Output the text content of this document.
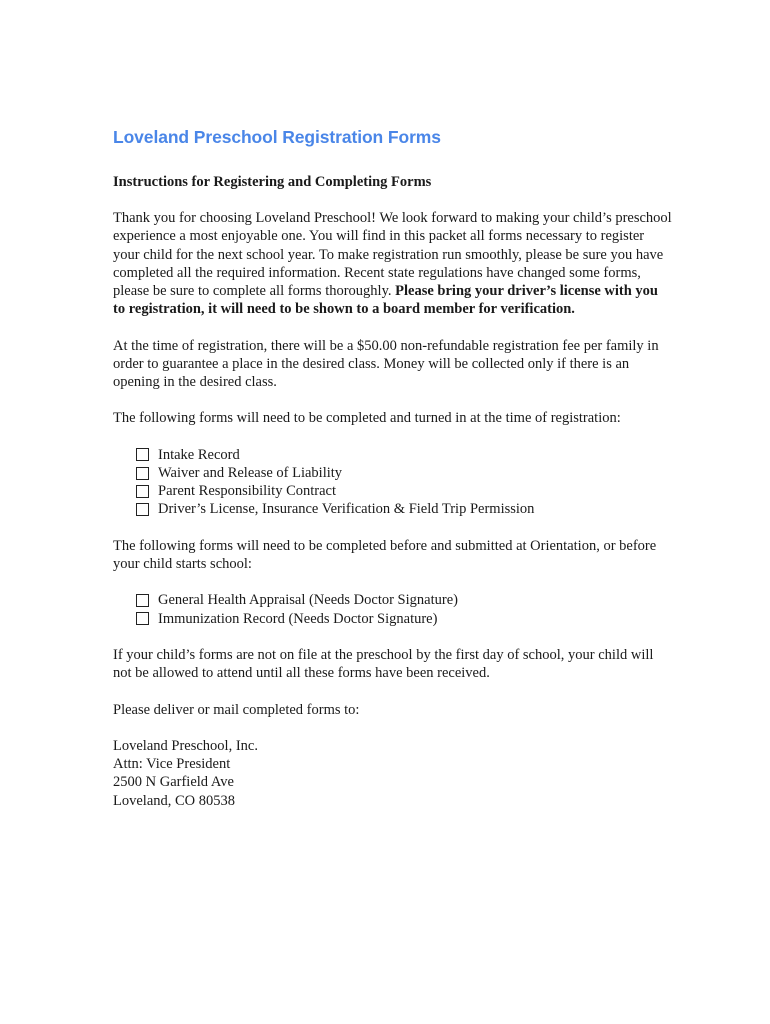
Loveland Preschool Registration Forms
Instructions for Registering and Completing Forms

Thank you for choosing Loveland Preschool! We look forward to making your child’s preschool experience a most enjoyable one. You will find in this packet all forms necessary to register your child for the next school year. To make registration run smoothly, please be sure you have completed all the required information. Recent state regulations have changed some forms, please be sure to complete all forms thoroughly. Please bring your driver’s license with you to registration, it will need to be shown to a board member for verification.

At the time of registration, there will be a $50.00 non-refundable registration fee per family in order to guarantee a place in the desired class. Money will be collected only if there is an opening in the desired class.

The following forms will need to be completed and turned in at the time of registration:

Intake Record
Waiver and Release of Liability
Parent Responsibility Contract
Driver’s License, Insurance Verification & Field Trip Permission

The following forms will need to be completed before and submitted at Orientation, or before your child starts school:

General Health Appraisal (Needs Doctor Signature)
Immunization Record (Needs Doctor Signature)

If your child’s forms are not on file at the preschool by the first day of school, your child will not be allowed to attend until all these forms have been received.

Please deliver or mail completed forms to:

Loveland Preschool, Inc.

Attn: Vice President

2500 N Garfield Ave

Loveland, CO 80538
